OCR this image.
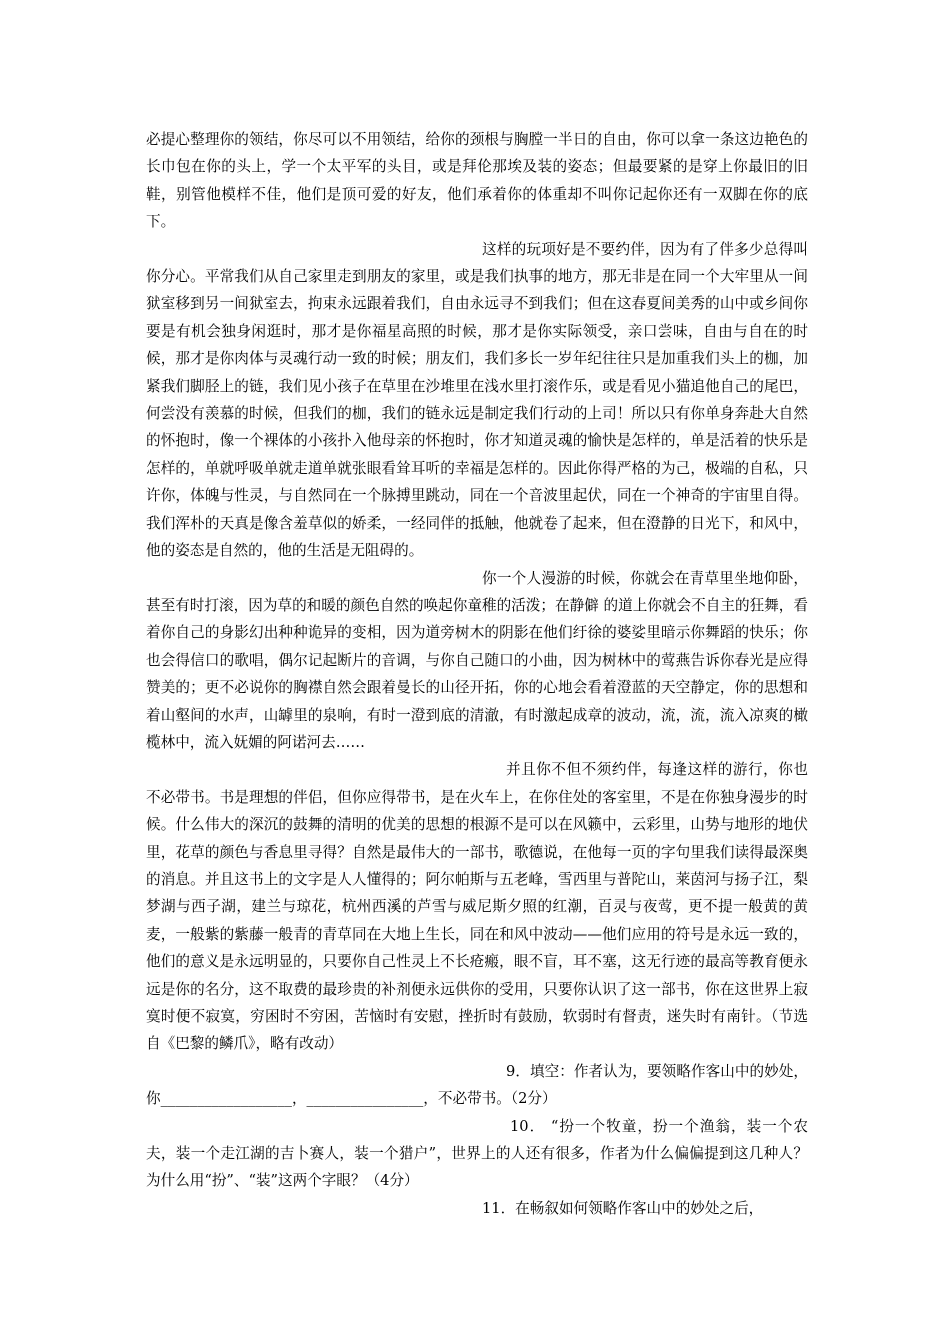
必提心整理你的领结，你尽可以不用领结，给你的颈根与胸膛一半日的自由，你可以拿一条这边艳色的长巾包在你的头上，学一个太平军的头目，或是拜伦那埃及装的姿态；但最要紧的是穿上你最旧的旧鞋，别管他模样不佳，他们是顶可爱的好友，他们承着你的体重却不叫你记起你还有一双脚在你的底下。

这样的玩项好是不要约伴，因为有了伴多少总得叫你分心。平常我们从自己家里走到朋友的家里，或是我们执事的地方，那无非是在同一个大牢里从一间狱室移到另一间狱室去，拘束永远跟着我们，自由永远寻不到我们；但在这春夏间美秀的山中或乡间你要是有机会独身闲逛时，那才是你福星高照的时候，那才是你实际领受，亲口尝味，自由与自在的时候，那才是你肉体与灵魂行动一致的时候；朋友们，我们多长一岁年纪往往只是加重我们头上的枷，加紧我们脚胫上的链，我们见小孩子在草里在沙堆里在浅水里打滚作乐，或是看见小猫追他自己的尾巴，何尝没有羡慕的时候，但我们的枷，我们的链永远是制定我们行动的上司！所以只有你单身奔赴大自然的怀抱时，像一个裸体的小孩扑入他母亲的怀抱时，你才知道灵魂的愉快是怎样的，单是活着的快乐是怎样的，单就呼吸单就走道单就张眼看耸耳听的幸福是怎样的。因此你得严格的为己，极端的自私，只许你，体魄与性灵，与自然同在一个脉搏里跳动，同在一个音波里起伏，同在一个神奇的宇宙里自得。我们浑朴的天真是像含羞草似的娇柔，一经同伴的抵触，他就卷了起来，但在澄静的日光下，和风中，他的姿态是自然的，他的生活是无阻碍的。

你一个人漫游的时候，你就会在青草里坐地仰卧，甚至有时打滚，因为草的和暖的颜色自然的唤起你童稚的活泼；在静僻 的道上你就会不自主的狂舞，看着你自己的身影幻出种种诡异的变相，因为道旁树木的阴影在他们纡徐的婆娑里暗示你舞蹈的快乐；你也会得信口的歌唱，偶尔记起断片的音调，与你自己随口的小曲，因为树林中的莺燕告诉你春光是应得赞美的；更不必说你的胸襟自然会跟着曼长的山径开拓，你的心地会看着澄蓝的天空静定，你的思想和着山壑间的水声，山罅里的泉响，有时一澄到底的清澈，有时激起成章的波动，流，流，流入凉爽的橄榄林中，流入妩媚的阿诺河去……

并且你不但不须约伴，每逢这样的游行，你也不必带书。书是理想的伴侣，但你应得带书，是在火车上，在你住处的客室里，不是在你独身漫步的时候。什么伟大的深沉的鼓舞的清明的优美的思想的根源不是可以在风籁中，云彩里，山势与地形的地伏里，花草的颜色与香息里寻得？自然是最伟大的一部书，歌德说，在他每一页的字句里我们读得最深奥的消息。并且这书上的文字是人人懂得的；阿尔帕斯与五老峰，雪西里与普陀山，莱茵河与扬子江，梨梦湖与西子湖，建兰与琼花，杭州西溪的芦雪与威尼斯夕照的红潮，百灵与夜莺，更不提一般黄的黄麦，一般紫的紫藤一般青的青草同在大地上生长，同在和风中波动——他们应用的符号是永远一致的，他们的意义是永远明显的，只要你自己性灵上不长疮瘢，眼不盲，耳不塞，这无行迹的最高等教育便永远是你的名分，这不取费的最珍贵的补剂便永远供你的受用，只要你认识了这一部书，你在这世界上寂寞时便不寂寞，穷困时不穷困，苦恼时有安慰，挫折时有鼓励，软弱时有督责，迷失时有南针。（节选自《巴黎的鳞爪》，略有改动）

9．填空：作者认为，要领略作客山中的妙处，你__________________，________________，不必带书。（2分）

10． “扮一个牧童，扮一个渔翁，装一个农夫，装一个走江湖的吉卜赛人，装一个猎户”，世界上的人还有很多，作者为什么偏偏提到这几种人？为什么用“扮”、“装”这两个字眼？（4分）

11．在畅叙如何领略作客山中的妙处之后，
